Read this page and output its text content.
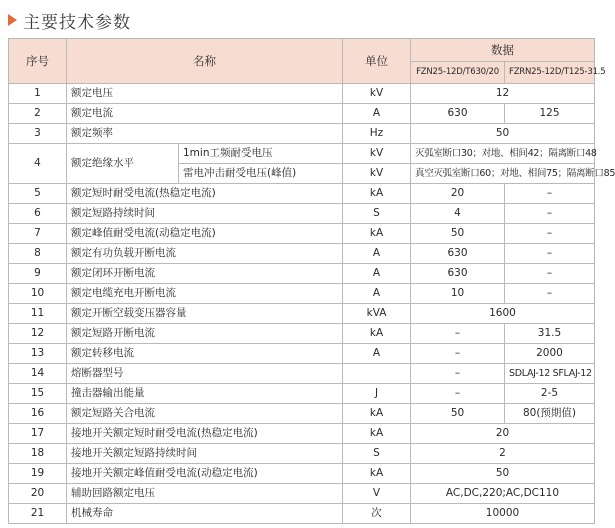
主要技术参数
序号	名称		单位	数据	
				FZN25-12D/T630/20	FZRN25-12D/T125-31.5
1	额定电压		kV	12	
2	额定电流		A	630	125
3	额定频率		Hz	50	
4	额定绝缘水平	1min工频耐受电压	kV	灭弧室断口30；对地、相间42；隔离断口48	
		雷电冲击耐受电压(峰值)	kV	真空灭弧室断口60；对地、相间75；隔离断口85	
5	额定短时耐受电流(热稳定电流)		kA	20	–
6	额定短路持续时间		S	4	–
7	额定峰值耐受电流(动稳定电流)		kA	50	–
8	额定有功负载开断电流		A	630	–
9	额定闭环开断电流		A	630	–
10	额定电缆充电开断电流		A	10	–
11	额定开断空载变压器容量		kVA	1600	
12	额定短路开断电流		kA	–	31.5
13	额定转移电流		A	–	2000
14	熔断器型号			–	SDLAJ-12 SFLAJ-12
15	撞击器输出能量		J	–	2-5
16	额定短路关合电流		kA	50	80(预期值)
17	接地开关额定短时耐受电流(热稳定电流)		kA	20	
18	接地开关额定短路持续时间		S	2	
19	接地开关额定峰值耐受电流(动稳定电流)		kA	50	
20	辅助回路额定电压		V	AC,DC,220;AC,DC110	
21	机械寿命		次	10000	
